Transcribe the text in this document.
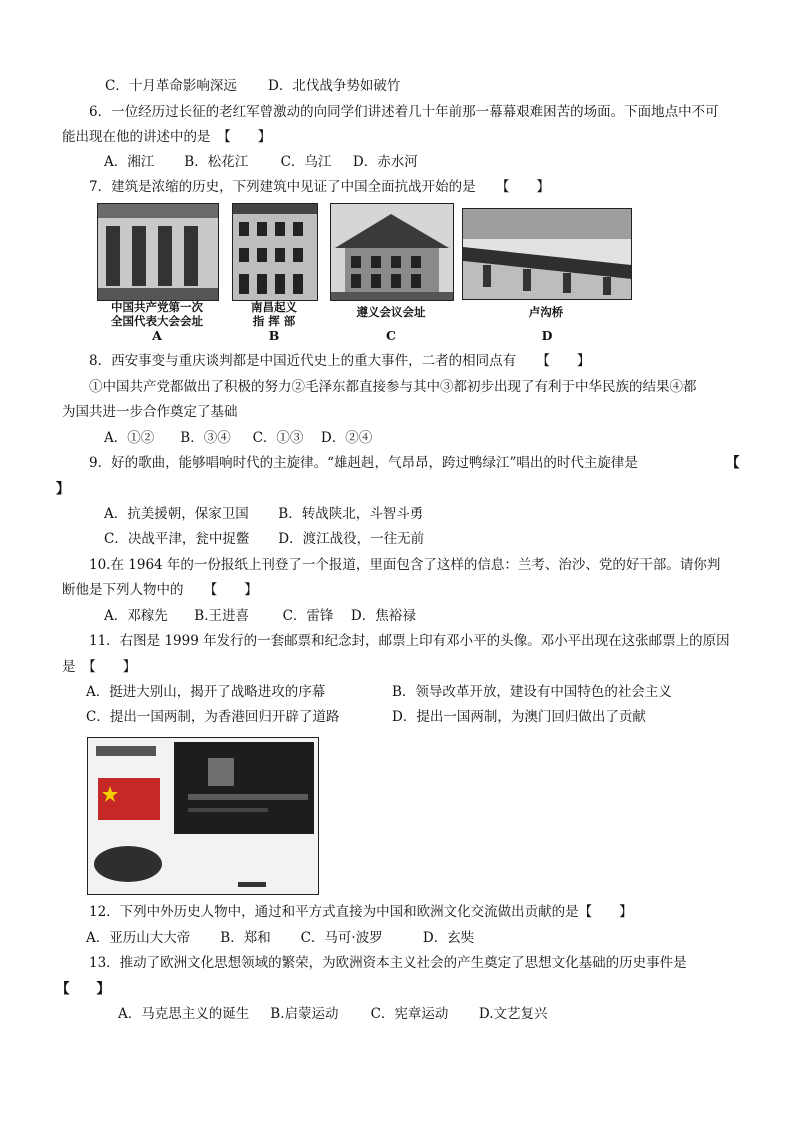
C．十月革命影响深远 D．北伐战争势如破竹
6．一位经历过长征的老红军曾激动的向同学们讲述着几十年前那一幕幕艰难困苦的场面。下面地点中不可
能出现在他的讲述中的是　【　　】
A．湘江 B．松花江 C．乌江 D．赤水河
7．建筑是浓缩的历史，下列建筑中见证了中国全面抗战开始的是　　【　　】
中国共产党第一次
全国代表大会会址
A
南昌起义
指 挥 部
B
遵义会议会址
C
卢沟桥
D
8．西安事变与重庆谈判都是中国近代史上的重大事件，二者的相同点有　　【　　】
①中国共产党都做出了积极的努力②毛泽东都直接参与其中③都初步出现了有利于中华民族的结果④都
为国共进一步合作奠定了基础
A．①② B．③④ C．①③ D．②④
9．好的歌曲，能够唱响时代的主旋律。“雄赳赳，气昂昂，跨过鸭绿江”唱出的时代主旋律是	【
】
A．抗美援朝，保家卫国 B．转战陕北，斗智斗勇
C．决战平津，瓮中捉鳖 D．渡江战役，一往无前
10.在 1964 年的一份报纸上刊登了一个报道，里面包含了这样的信息：兰考、治沙、党的好干部。请你判
断他是下列人物中的　　【　　】
A．邓稼先 B.王进喜 C．雷锋 D．焦裕禄
11．右图是 1999 年发行的一套邮票和纪念封，邮票上印有邓小平的头像。邓小平出现在这张邮票上的原因
是　【　　】
A．挺进大别山，揭开了战略进攻的序幕	B．领导改革开放，建设有中国特色的社会主义
C．提出一国两制，为香港回归开辟了道路	D．提出一国两制，为澳门回归做出了贡献
12．下列中外历史人物中，通过和平方式直接为中国和欧洲文化交流做出贡献的是【　　】
A．亚历山大大帝 B．郑和 C．马可·波罗	D．玄奘
13．推动了欧洲文化思想领域的繁荣，为欧洲资本主义社会的产生奠定了思想文化基础的历史事件是
【　　】
A．马克思主义的诞生 B.启蒙运动 C．宪章运动 D.文艺复兴
